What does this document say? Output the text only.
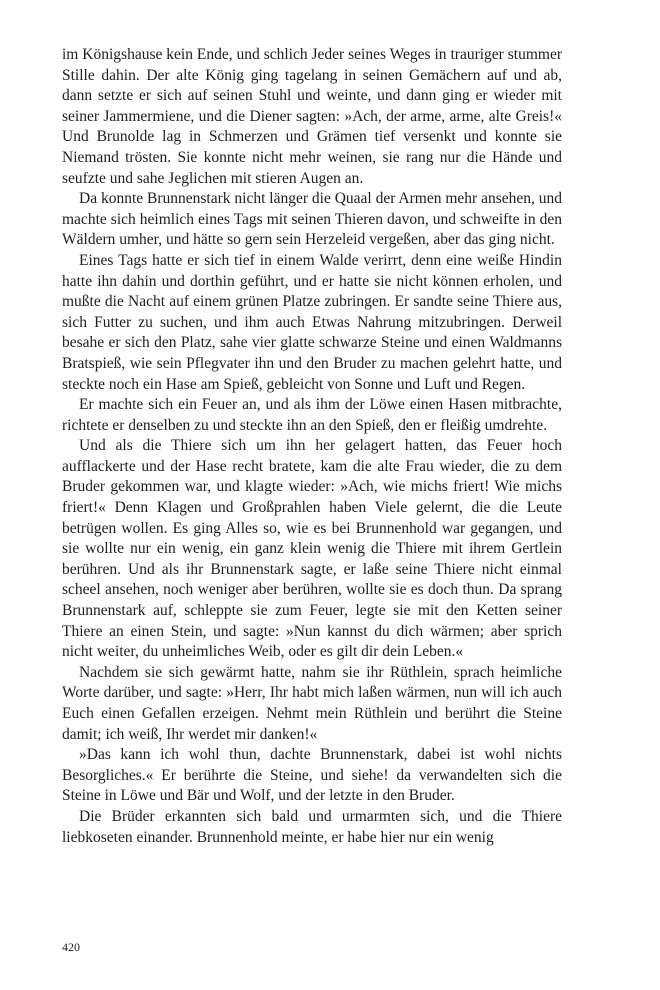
im Königshause kein Ende, und schlich Jeder seines Weges in trauriger stummer Stille dahin. Der alte König ging tagelang in seinen Gemächern auf und ab, dann setzte er sich auf seinen Stuhl und weinte, und dann ging er wieder mit seiner Jammermiene, und die Diener sagten: »Ach, der arme, arme, alte Greis!« Und Brunolde lag in Schmerzen und Grämen tief versenkt und konnte sie Niemand trösten. Sie konnte nicht mehr weinen, sie rang nur die Hände und seufzte und sahe Jeglichen mit stieren Augen an.

Da konnte Brunnenstark nicht länger die Quaal der Armen mehr ansehen, und machte sich heimlich eines Tags mit seinen Thieren davon, und schweifte in den Wäldern umher, und hätte so gern sein Herzeleid vergeßen, aber das ging nicht.

Eines Tags hatte er sich tief in einem Walde verirrt, denn eine weiße Hindin hatte ihn dahin und dorthin geführt, und er hatte sie nicht können erholen, und mußte die Nacht auf einem grünen Platze zubringen. Er sandte seine Thiere aus, sich Futter zu suchen, und ihm auch Etwas Nahrung mitzubringen. Derweil besahe er sich den Platz, sahe vier glatte schwarze Steine und einen Waldmanns Bratspieß, wie sein Pflegvater ihn und den Bruder zu machen gelehrt hatte, und steckte noch ein Hase am Spieß, gebleicht von Sonne und Luft und Regen.

Er machte sich ein Feuer an, und als ihm der Löwe einen Hasen mitbrachte, richtete er denselben zu und steckte ihn an den Spieß, den er fleißig umdrehte.

Und als die Thiere sich um ihn her gelagert hatten, das Feuer hoch aufflackerte und der Hase recht bratete, kam die alte Frau wieder, die zu dem Bruder gekommen war, und klagte wieder: »Ach, wie michs friert! Wie michs friert!« Denn Klagen und Großprahlen haben Viele gelernt, die die Leute betrügen wollen. Es ging Alles so, wie es bei Brunnenhold war gegangen, und sie wollte nur ein wenig, ein ganz klein wenig die Thiere mit ihrem Gertlein berühren. Und als ihr Brunnenstark sagte, er laße seine Thiere nicht einmal scheel ansehen, noch weniger aber berühren, wollte sie es doch thun. Da sprang Brunnenstark auf, schleppte sie zum Feuer, legte sie mit den Ketten seiner Thiere an einen Stein, und sagte: »Nun kannst du dich wärmen; aber sprich nicht weiter, du unheimliches Weib, oder es gilt dir dein Leben.«

Nachdem sie sich gewärmt hatte, nahm sie ihr Rüthlein, sprach heimliche Worte darüber, und sagte: »Herr, Ihr habt mich laßen wärmen, nun will ich auch Euch einen Gefallen erzeigen. Nehmt mein Rüthlein und berührt die Steine damit; ich weiß, Ihr werdet mir danken!«

»Das kann ich wohl thun, dachte Brunnenstark, dabei ist wohl nichts Besorgliches.« Er berührte die Steine, und siehe! da verwandelten sich die Steine in Löwe und Bär und Wolf, und der letzte in den Bruder.

Die Brüder erkannten sich bald und urmarmten sich, und die Thiere liebkoseten einander. Brunnenhold meinte, er habe hier nur ein wenig

420
